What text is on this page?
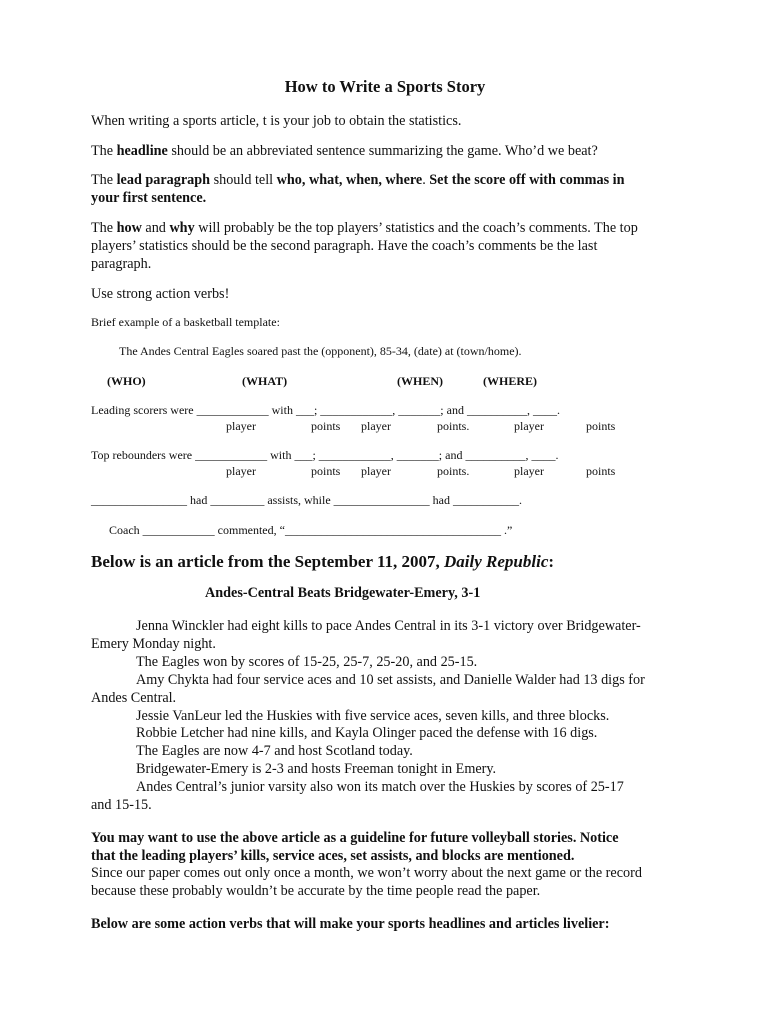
How to Write a Sports Story
When writing a sports article, t is your job to obtain the statistics.
The headline should be an abbreviated sentence summarizing the game. Who’d we beat?
The lead paragraph should tell who, what, when, where. Set the score off with commas in
your first sentence.
The how and why will probably be the top players’ statistics and the coach’s comments. The top
players’ statistics should be the second paragraph. Have the coach’s comments be the last
paragraph.
Use strong action verbs!
Brief example of a basketball template:
The Andes Central Eagles soared past the (opponent), 85-34, (date) at (town/home).
(WHO)	(WHAT)	(WHEN)	(WHERE)
Leading scorers were ____________ with ___; ____________, _______; and __________, ____.
player	points player	points.	player	points
Top rebounders were ____________ with ___; ____________, _______; and __________, ____.
player	points player	points.	player	points
________________ had _________ assists, while ________________ had ___________.
Coach ____________ commented, “____________________________________ .”
Below is an article from the September 11, 2007, Daily Republic:
Andes-Central Beats Bridgewater-Emery, 3-1
Jenna Winckler had eight kills to pace Andes Central in its 3-1 victory over Bridgewater-
Emery Monday night.
The Eagles won by scores of 15-25, 25-7, 25-20, and 25-15.
Amy Chykta had four service aces and 10 set assists, and Danielle Walder had 13 digs for
Andes Central.
Jessie VanLeur led the Huskies with five service aces, seven kills, and three blocks.
Robbie Letcher had nine kills, and Kayla Olinger paced the defense with 16 digs.
The Eagles are now 4-7 and host Scotland today.
Bridgewater-Emery is 2-3 and hosts Freeman tonight in Emery.
Andes Central’s junior varsity also won its match over the Huskies by scores of 25-17
and 15-15.
You may want to use the above article as a guideline for future volleyball stories. Notice
that the leading players’ kills, service aces, set assists, and blocks are mentioned.
Since our paper comes out only once a month, we won’t worry about the next game or the record
because these probably wouldn’t be accurate by the time people read the paper.
Below are some action verbs that will make your sports headlines and articles livelier:
